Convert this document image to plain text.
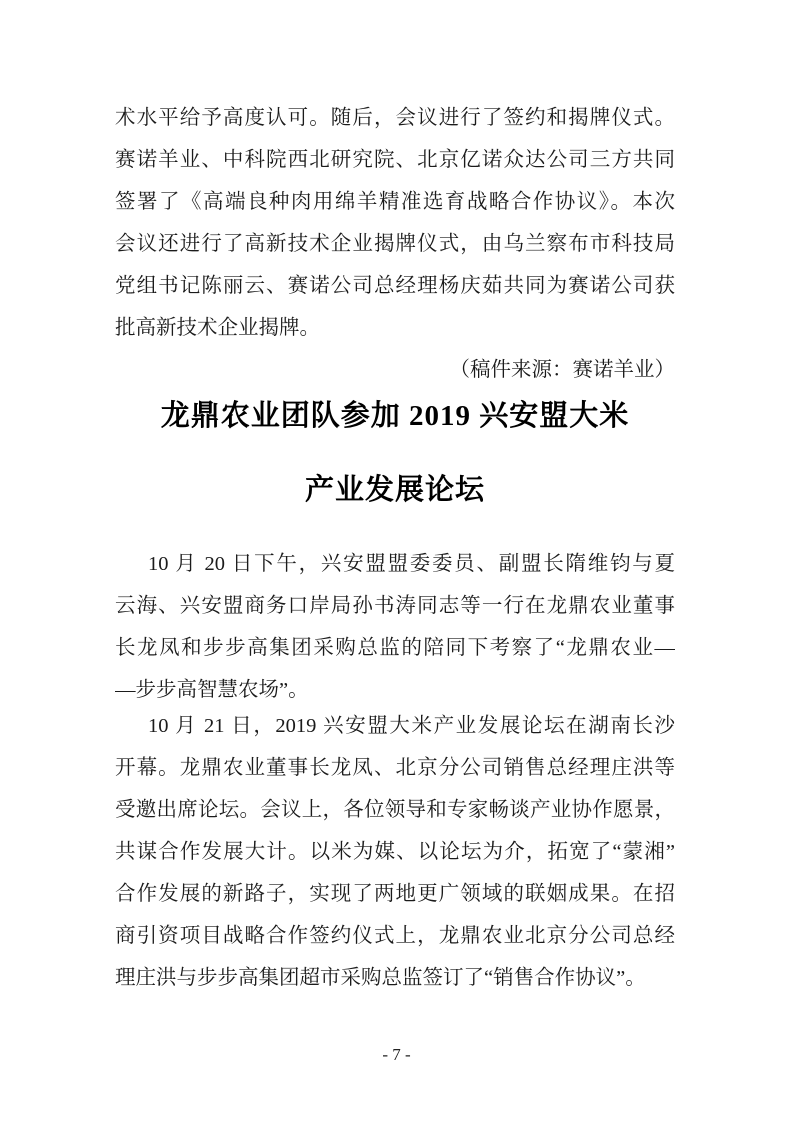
术水平给予高度认可。随后，会议进行了签约和揭牌仪式。
赛诺羊业、中科院西北研究院、北京亿诺众达公司三方共同
签署了《高端良种肉用绵羊精准选育战略合作协议》。本次
会议还进行了高新技术企业揭牌仪式，由乌兰察布市科技局
党组书记陈丽云、赛诺公司总经理杨庆茹共同为赛诺公司获
批高新技术企业揭牌。
（稿件来源：赛诺羊业）
龙鼎农业团队参加 2019 兴安盟大米
产业发展论坛
10 月 20 日下午，兴安盟盟委委员、副盟长隋维钧与夏
云海、兴安盟商务口岸局孙书涛同志等一行在龙鼎农业董事
长龙凤和步步高集团采购总监的陪同下考察了“龙鼎农业—
—步步高智慧农场”。
10 月 21 日，2019 兴安盟大米产业发展论坛在湖南长沙
开幕。龙鼎农业董事长龙凤、北京分公司销售总经理庄洪等
受邀出席论坛。会议上，各位领导和专家畅谈产业协作愿景，
共谋合作发展大计。以米为媒、以论坛为介，拓宽了“蒙湘”
合作发展的新路子，实现了两地更广领域的联姻成果。在招
商引资项目战略合作签约仪式上，龙鼎农业北京分公司总经
理庄洪与步步高集团超市采购总监签订了“销售合作协议”。
- 7 -
